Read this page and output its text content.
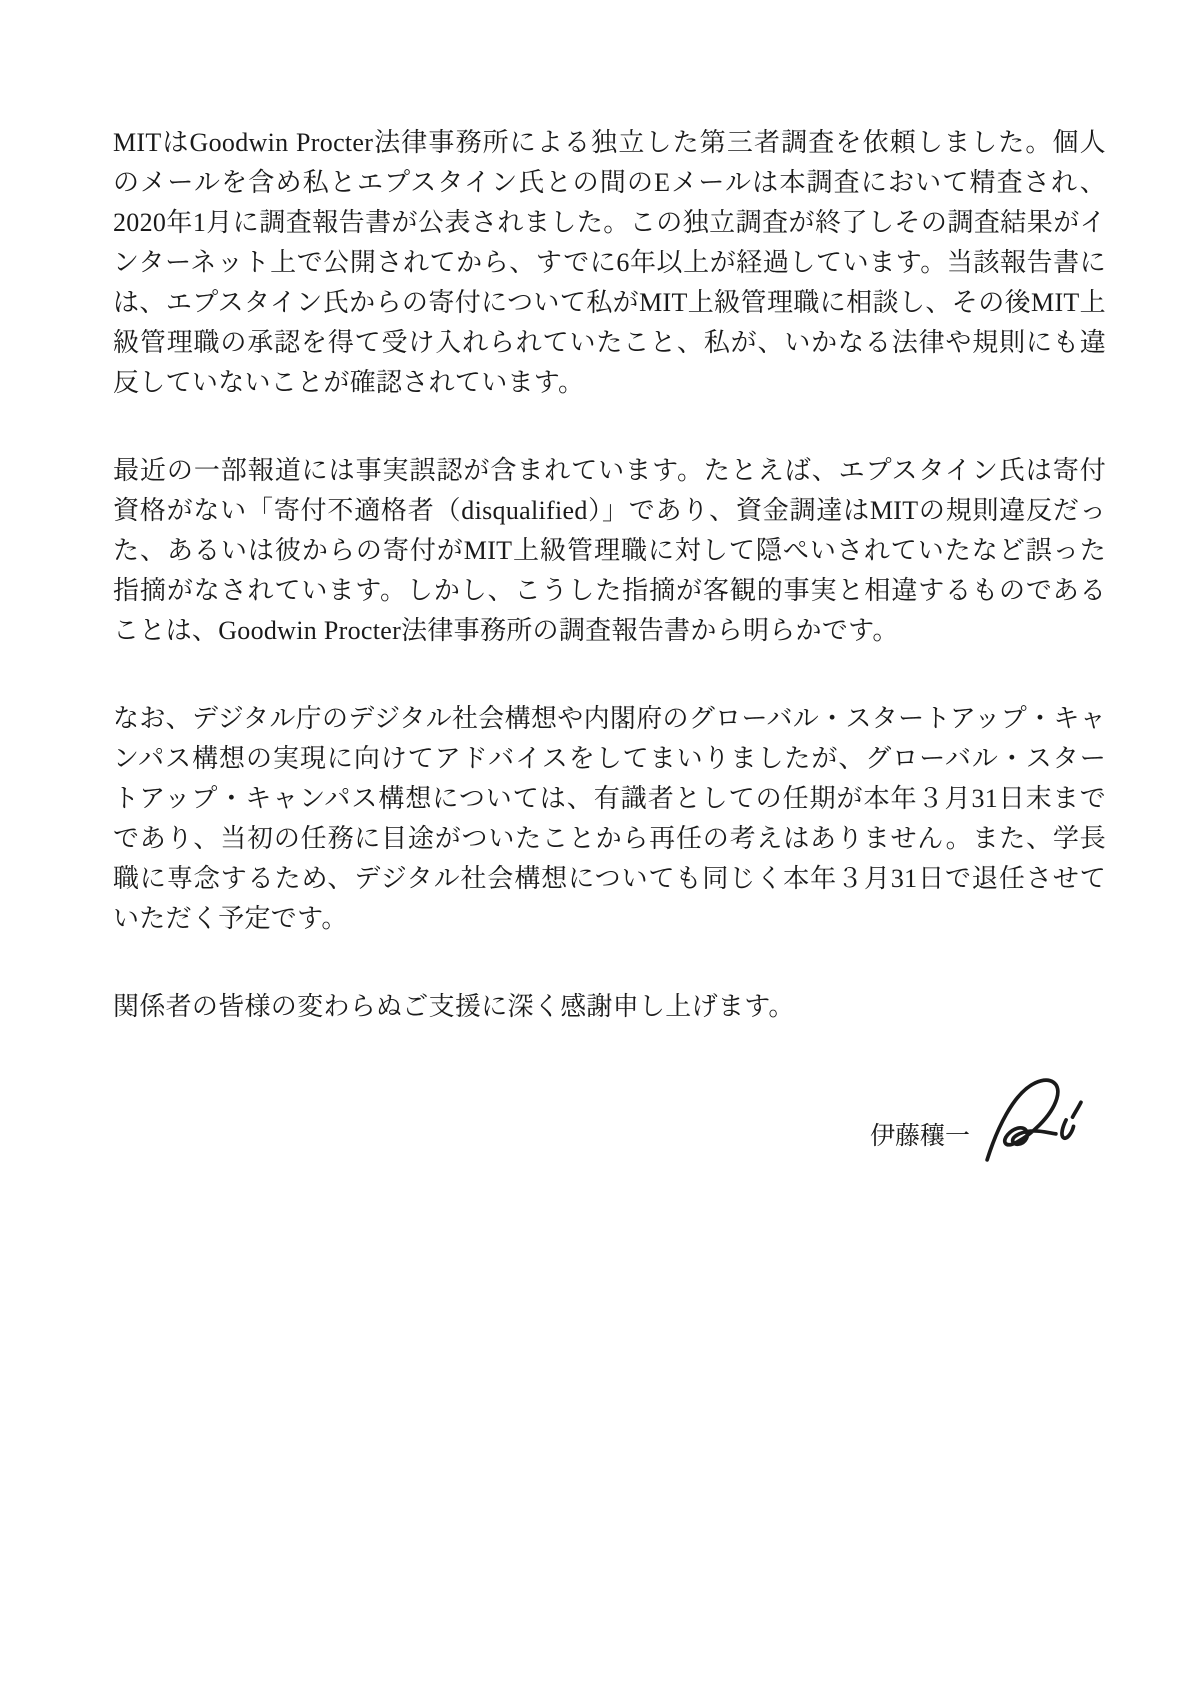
MITはGoodwin Procter法律事務所による独立した第三者調査を依頼しました。個人のメールを含め私とエプスタイン氏との間のEメールは本調査において精査され、2020年1月に調査報告書が公表されました。この独立調査が終了しその調査結果がインターネット上で公開されてから、すでに6年以上が経過しています。当該報告書には、エプスタイン氏からの寄付について私がMIT上級管理職に相談し、その後MIT上級管理職の承認を得て受け入れられていたこと、私が、いかなる法律や規則にも違反していないことが確認されています。

最近の一部報道には事実誤認が含まれています。たとえば、エプスタイン氏は寄付資格がない「寄付不適格者（disqualified）」であり、資金調達はMITの規則違反だった、あるいは彼からの寄付がMIT上級管理職に対して隠ぺいされていたなど誤った指摘がなされています。しかし、こうした指摘が客観的事実と相違するものであることは、Goodwin Procter法律事務所の調査報告書から明らかです。

なお、デジタル庁のデジタル社会構想や内閣府のグローバル・スタートアップ・キャンパス構想の実現に向けてアドバイスをしてまいりましたが、グローバル・スタートアップ・キャンパス構想については、有識者としての任期が本年３月31日末までであり、当初の任務に目途がついたことから再任の考えはありません。また、学長職に専念するため、デジタル社会構想についても同じく本年３月31日で退任させていただく予定です。

関係者の皆様の変わらぬご支援に深く感謝申し上げます。

伊藤穰一
